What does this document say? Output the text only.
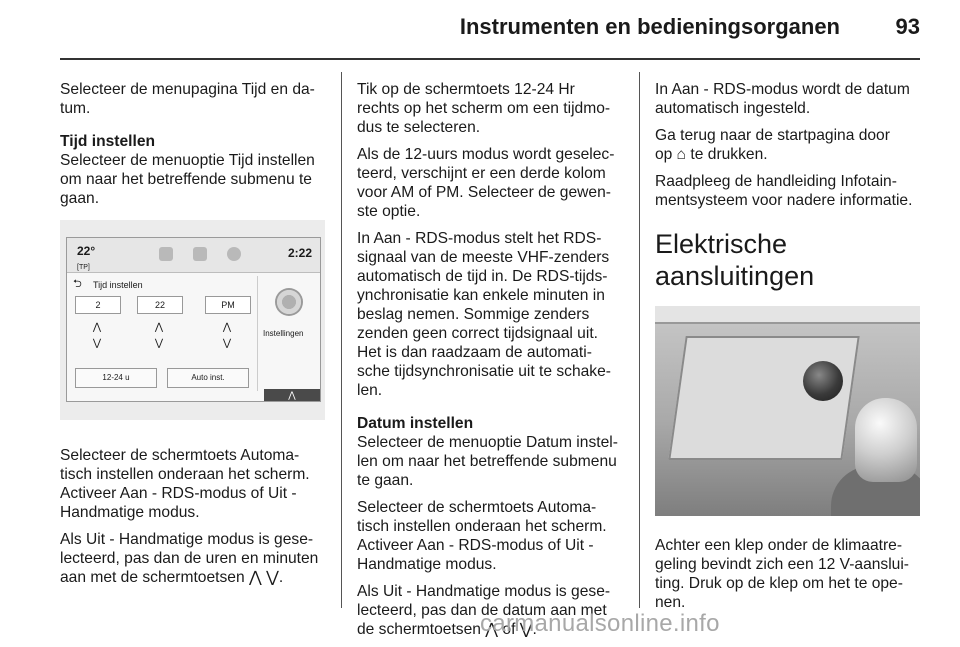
Instrumenten en bedieningsorganen	93

Selecteer de menupagina Tijd en da-
tum.

Tijd instellen

Selecteer de menuoptie Tijd instellen
om naar het betreffende submenu te
gaan.

22°
[TP]
2:22
⮌ Tijd instellen
2	22	PM
⋀
⋁
⋀
⋁
⋀
⋁
12-24 u	Auto inst.
Instellingen
⋀

Selecteer de schermtoets Automa-
tisch instellen onderaan het scherm.
Activeer Aan - RDS-modus of Uit -
Handmatige modus.

Als Uit - Handmatige modus is gese-
lecteerd, pas dan de uren en minuten
aan met de schermtoetsen ⋀ ⋁.

Tik op de schermtoets 12-24 Hr
rechts op het scherm om een tijdmo-
dus te selecteren.

Als de 12-uurs modus wordt geselec-
teerd, verschijnt er een derde kolom
voor AM of PM. Selecteer de gewen-
ste optie.

In Aan - RDS-modus stelt het RDS-
signaal van de meeste VHF-zenders
automatisch de tijd in. De RDS-tijds-
ynchronisatie kan enkele minuten in
beslag nemen. Sommige zenders
zenden geen correct tijdsignaal uit.
Het is dan raadzaam de automati-
sche tijdsynchronisatie uit te schake-
len.

Datum instellen

Selecteer de menuoptie Datum instel-
len om naar het betreffende submenu
te gaan.

Selecteer de schermtoets Automa-
tisch instellen onderaan het scherm.
Activeer Aan - RDS-modus of Uit -
Handmatige modus.

Als Uit - Handmatige modus is gese-
lecteerd, pas dan de datum aan met
de schermtoetsen ⋀ of ⋁.

In Aan - RDS-modus wordt de datum
automatisch ingesteld.

Ga terug naar de startpagina door
op ⌂ te drukken.

Raadpleeg de handleiding Infotain-
mentsysteem voor nadere informatie.

Elektrische aansluitingen

Achter een klep onder de klimaatre-
geling bevindt zich een 12 V-aanslui-
ting. Druk op de klep om het te ope-
nen.

carmanualsonline.info
